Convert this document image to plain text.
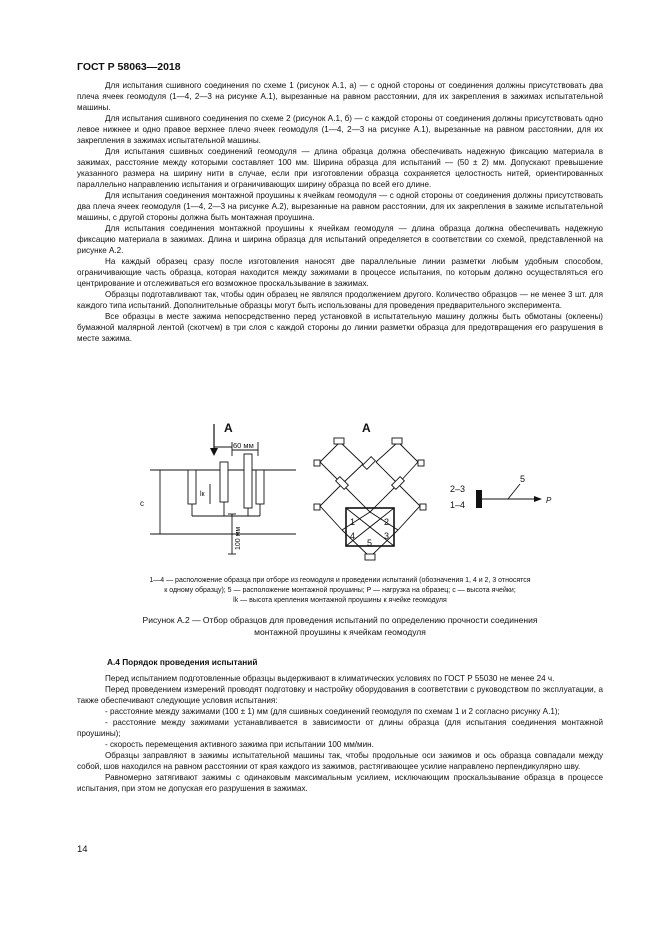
ГОСТ Р 58063—2018

Для испытания сшивного соединения по схеме 1 (рисунок А.1, а) — с одной стороны от соединения должны присутствовать два плеча ячеек геомодуля (1—4, 2—3 на рисунке А.1), вырезанные на равном расстоянии, для их закрепления в зажимах испытательной машины.

Для испытания сшивного соединения по схеме 2 (рисунок А.1, б) — с каждой стороны от соединения должны присутствовать одно левое нижнее и одно правое верхнее плечо ячеек геомодуля (1—4, 2—3 на рисунке А.1), вырезанные на равном расстоянии, для их закрепления в зажимах испытательной машины.

Для испытания сшивных соединений геомодуля — длина образца должна обеспечивать надежную фиксацию материала в зажимах, расстояние между которыми составляет 100 мм. Ширина образца для испытаний — (50 ± 2) мм. Допускают превышение указанного размера на ширину нити в случае, если при изготовлении образца сохраняется целостность нитей, ориентированных параллельно направлению испытания и ограничивающих ширину образца по всей его длине.

Для испытания соединения монтажной проушины к ячейкам геомодуля — с одной стороны от соединения должны присутствовать два плеча ячеек геомодуля (1—4, 2—3 на рисунке А.2), вырезанные на равном расстоянии, для их закрепления в зажиме испытательной машины, с другой стороны должна быть монтажная проушина.

Для испытания соединения монтажной проушины к ячейкам геомодуля — длина образца должна обеспечивать надежную фиксацию материала в зажимах. Длина и ширина образца для испытаний определяется в соответствии со схемой, представленной на рисунке А.2.

На каждый образец сразу после изготовления наносят две параллельные линии разметки любым удобным способом, ограничивающие часть образца, которая находится между зажимами в процессе испытания, по которым должно осуществляться его центрирование и отслеживаться его возможное проскальзывание в зажимах.

Образцы подготавливают так, чтобы один образец не являлся продолжением другого. Количество образцов — не менее 3 шт. для каждого типа испытаний. Дополнительные образцы могут быть использованы для проведения предварительного эксперимента.

Все образцы в месте зажима непосредственно перед установкой в испытательную машину должны быть обмотаны (оклеены) бумажной малярной лентой (скотчем) в три слоя с каждой стороны до линии разметки образца для предотвращения его разрушения в месте зажима.

A
60 мм
с
lк
100 мм
A
1	2
4	3
5
2–3
1–4
5
P
1—4 — расположение образца при отборе из геомодуля и проведении испытаний (обозначения 1, 4 и 2, 3 относятся
к одному образцу); 5 — расположение монтажной проушины; P — нагрузка на образец; с — высота ячейки;
lk — высота крепления монтажной проушины к ячейке геомодуля
Рисунок А.2 — Отбор образцов для проведения испытаний по определению прочности соединения
монтажной проушины к ячейкам геомодуля
А.4 Порядок проведения испытаний

Перед испытанием подготовленные образцы выдерживают в климатических условиях по ГОСТ Р 55030 не менее 24 ч.

Перед проведением измерений проводят подготовку и настройку оборудования в соответствии с руководством по эксплуатации, а также обеспечивают следующие условия испытания:

- расстояние между зажимами (100 ± 1) мм (для сшивных соединений геомодуля по схемам 1 и 2 согласно рисунку А.1);

- расстояние между зажимами устанавливается в зависимости от длины образца (для испытания соединения монтажной проушины);

- скорость перемещения активного зажима при испытании 100 мм/мин.

Образцы заправляют в зажимы испытательной машины так, чтобы продольные оси зажимов и ось образца совпадали между собой, шов находился на равном расстоянии от края каждого из зажимов, растягивающее усилие направлено перпендикулярно шву.

Равномерно затягивают зажимы с одинаковым максимальным усилием, исключающим проскальзывание образца в процессе испытания, при этом не допуская его разрушения в зажимах.

14
